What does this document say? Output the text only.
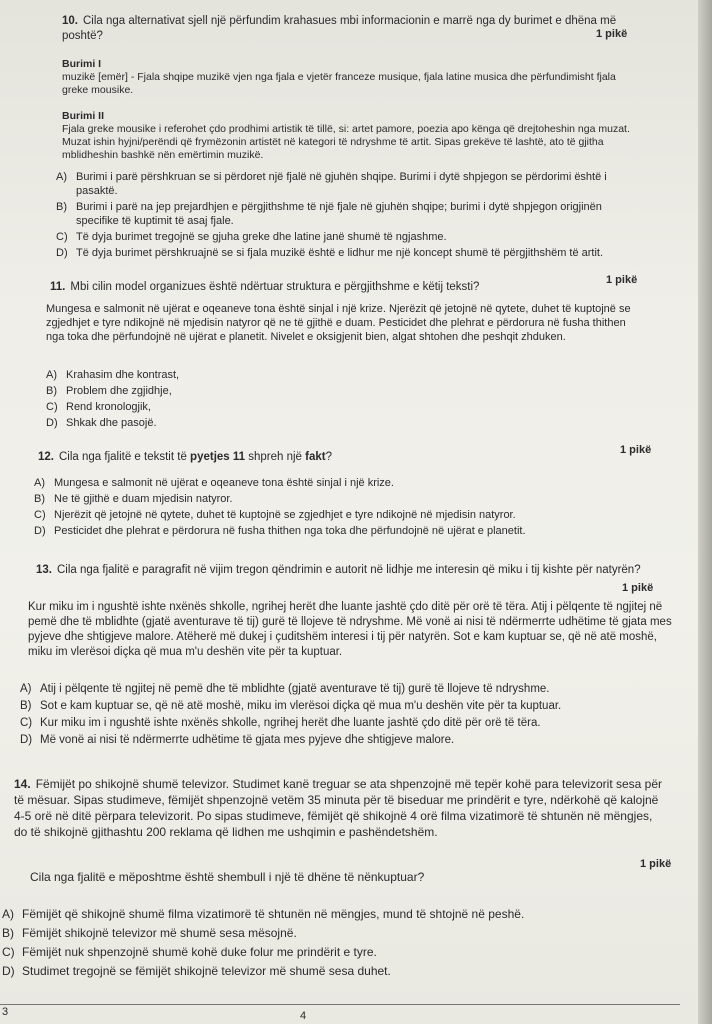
10. Cila nga alternativat sjell një përfundim krahasues mbi informacionin e marrë nga dy burimet e dhëna më poshtë?	1 pikë
Burimi I
muzikë [emër] - Fjala shqipe muzikë vjen nga fjala e vjetër franceze musique, fjala latine musica dhe përfundimisht fjala greke mousike.
Burimi II
Fjala greke mousike i referohet çdo prodhimi artistik të tillë, si: artet pamore, poezia apo kënga që drejtoheshin nga muzat. Muzat ishin hyjni/perëndi që frymëzonin artistët në kategori të ndryshme të artit. Sipas grekëve të lashtë, ato të gjitha mblidheshin bashkë nën emërtimin muzikë.
A) Burimi i parë përshkruan se si përdoret një fjalë në gjuhën shqipe. Burimi i dytë shpjegon se përdorimi është i pasaktë.
B) Burimi i parë na jep prejardhjen e përgjithshme të një fjale në gjuhën shqipe; burimi i dytë shpjegon origjinën specifike të kuptimit të asaj fjale.
C) Të dyja burimet tregojnë se gjuha greke dhe latine janë shumë të ngjashme.
D) Të dyja burimet përshkruajnë se si fjala muzikë është e lidhur me një koncept shumë të përgjithshëm të artit.
11. Mbi cilin model organizues është ndërtuar struktura e përgjithshme e këtij teksti?
1 pikë
Mungesa e salmonit në ujërat e oqeaneve tona është sinjal i një krize. Njerëzit që jetojnë në qytete, duhet të kuptojnë se zgjedhjet e tyre ndikojnë në mjedisin natyror që ne të gjithë e duam. Pesticidet dhe plehrat e përdorura në fusha thithen nga toka dhe përfundojnë në ujërat e planetit. Nivelet e oksigjenit bien, algat shtohen dhe peshqit zhduken.
A) Krahasim dhe kontrast,
B) Problem dhe zgjidhje,
C) Rend kronologjik,
D) Shkak dhe pasojë.
12. Cila nga fjalitë e tekstit të pyetjes 11 shpreh një fakt?
1 pikë
A) Mungesa e salmonit në ujërat e oqeaneve tona është sinjal i një krize.
B) Ne të gjithë e duam mjedisin natyror.
C) Njerëzit që jetojnë në qytete, duhet të kuptojnë se zgjedhjet e tyre ndikojnë në mjedisin natyror.
D) Pesticidet dhe plehrat e përdorura në fusha thithen nga toka dhe përfundojnë në ujërat e planetit.
13. Cila nga fjalitë e paragrafit në vijim tregon qëndrimin e autorit në lidhje me interesin që miku i tij kishte për natyrën?
1 pikë
Kur miku im i ngushtë ishte nxënës shkolle, ngrihej herët dhe luante jashtë çdo ditë për orë të tëra. Atij i pëlqente të ngjitej në pemë dhe të mblidhte (gjatë aventurave të tij) gurë të llojeve të ndryshme. Më vonë ai nisi të ndërmerrte udhëtime të gjata mes pyjeve dhe shtigjeve malore. Atëherë më dukej i çuditshëm interesi i tij për natyrën. Sot e kam kuptuar se, që në atë moshë, miku im vlerësoi diçka që mua m'u deshën vite për ta kuptuar.
A) Atij i pëlqente të ngjitej në pemë dhe të mblidhte (gjatë aventurave të tij) gurë të llojeve të ndryshme.
B) Sot e kam kuptuar se, që në atë moshë, miku im vlerësoi diçka që mua m'u deshën vite për ta kuptuar.
C) Kur miku im i ngushtë ishte nxënës shkolle, ngrihej herët dhe luante jashtë çdo ditë për orë të tëra.
D) Më vonë ai nisi të ndërmerrte udhëtime të gjata mes pyjeve dhe shtigjeve malore.
14. Fëmijët po shikojnë shumë televizor. Studimet kanë treguar se ata shpenzojnë më tepër kohë para televizorit sesa për të mësuar. Sipas studimeve, fëmijët shpenzojnë vetëm 35 minuta për të biseduar me prindërit e tyre, ndërkohë që kalojnë 4-5 orë në ditë përpara televizorit. Po sipas studimeve, fëmijët që shikojnë 4 orë filma vizatimorë të shtunën në mëngjes, do të shikojnë gjithashtu 200 reklama që lidhen me ushqimin e pashëndetshëm.
Cila nga fjalitë e mëposhtme është shembull i një të dhëne të nënkuptuar?
1 pikë
A) Fëmijët që shikojnë shumë filma vizatimorë të shtunën në mëngjes, mund të shtojnë në peshë.
B) Fëmijët shikojnë televizor më shumë sesa mësojnë.
C) Fëmijët nuk shpenzojnë shumë kohë duke folur me prindërit e tyre.
D) Studimet tregojnë se fëmijët shikojnë televizor më shumë sesa duhet.
3	4
